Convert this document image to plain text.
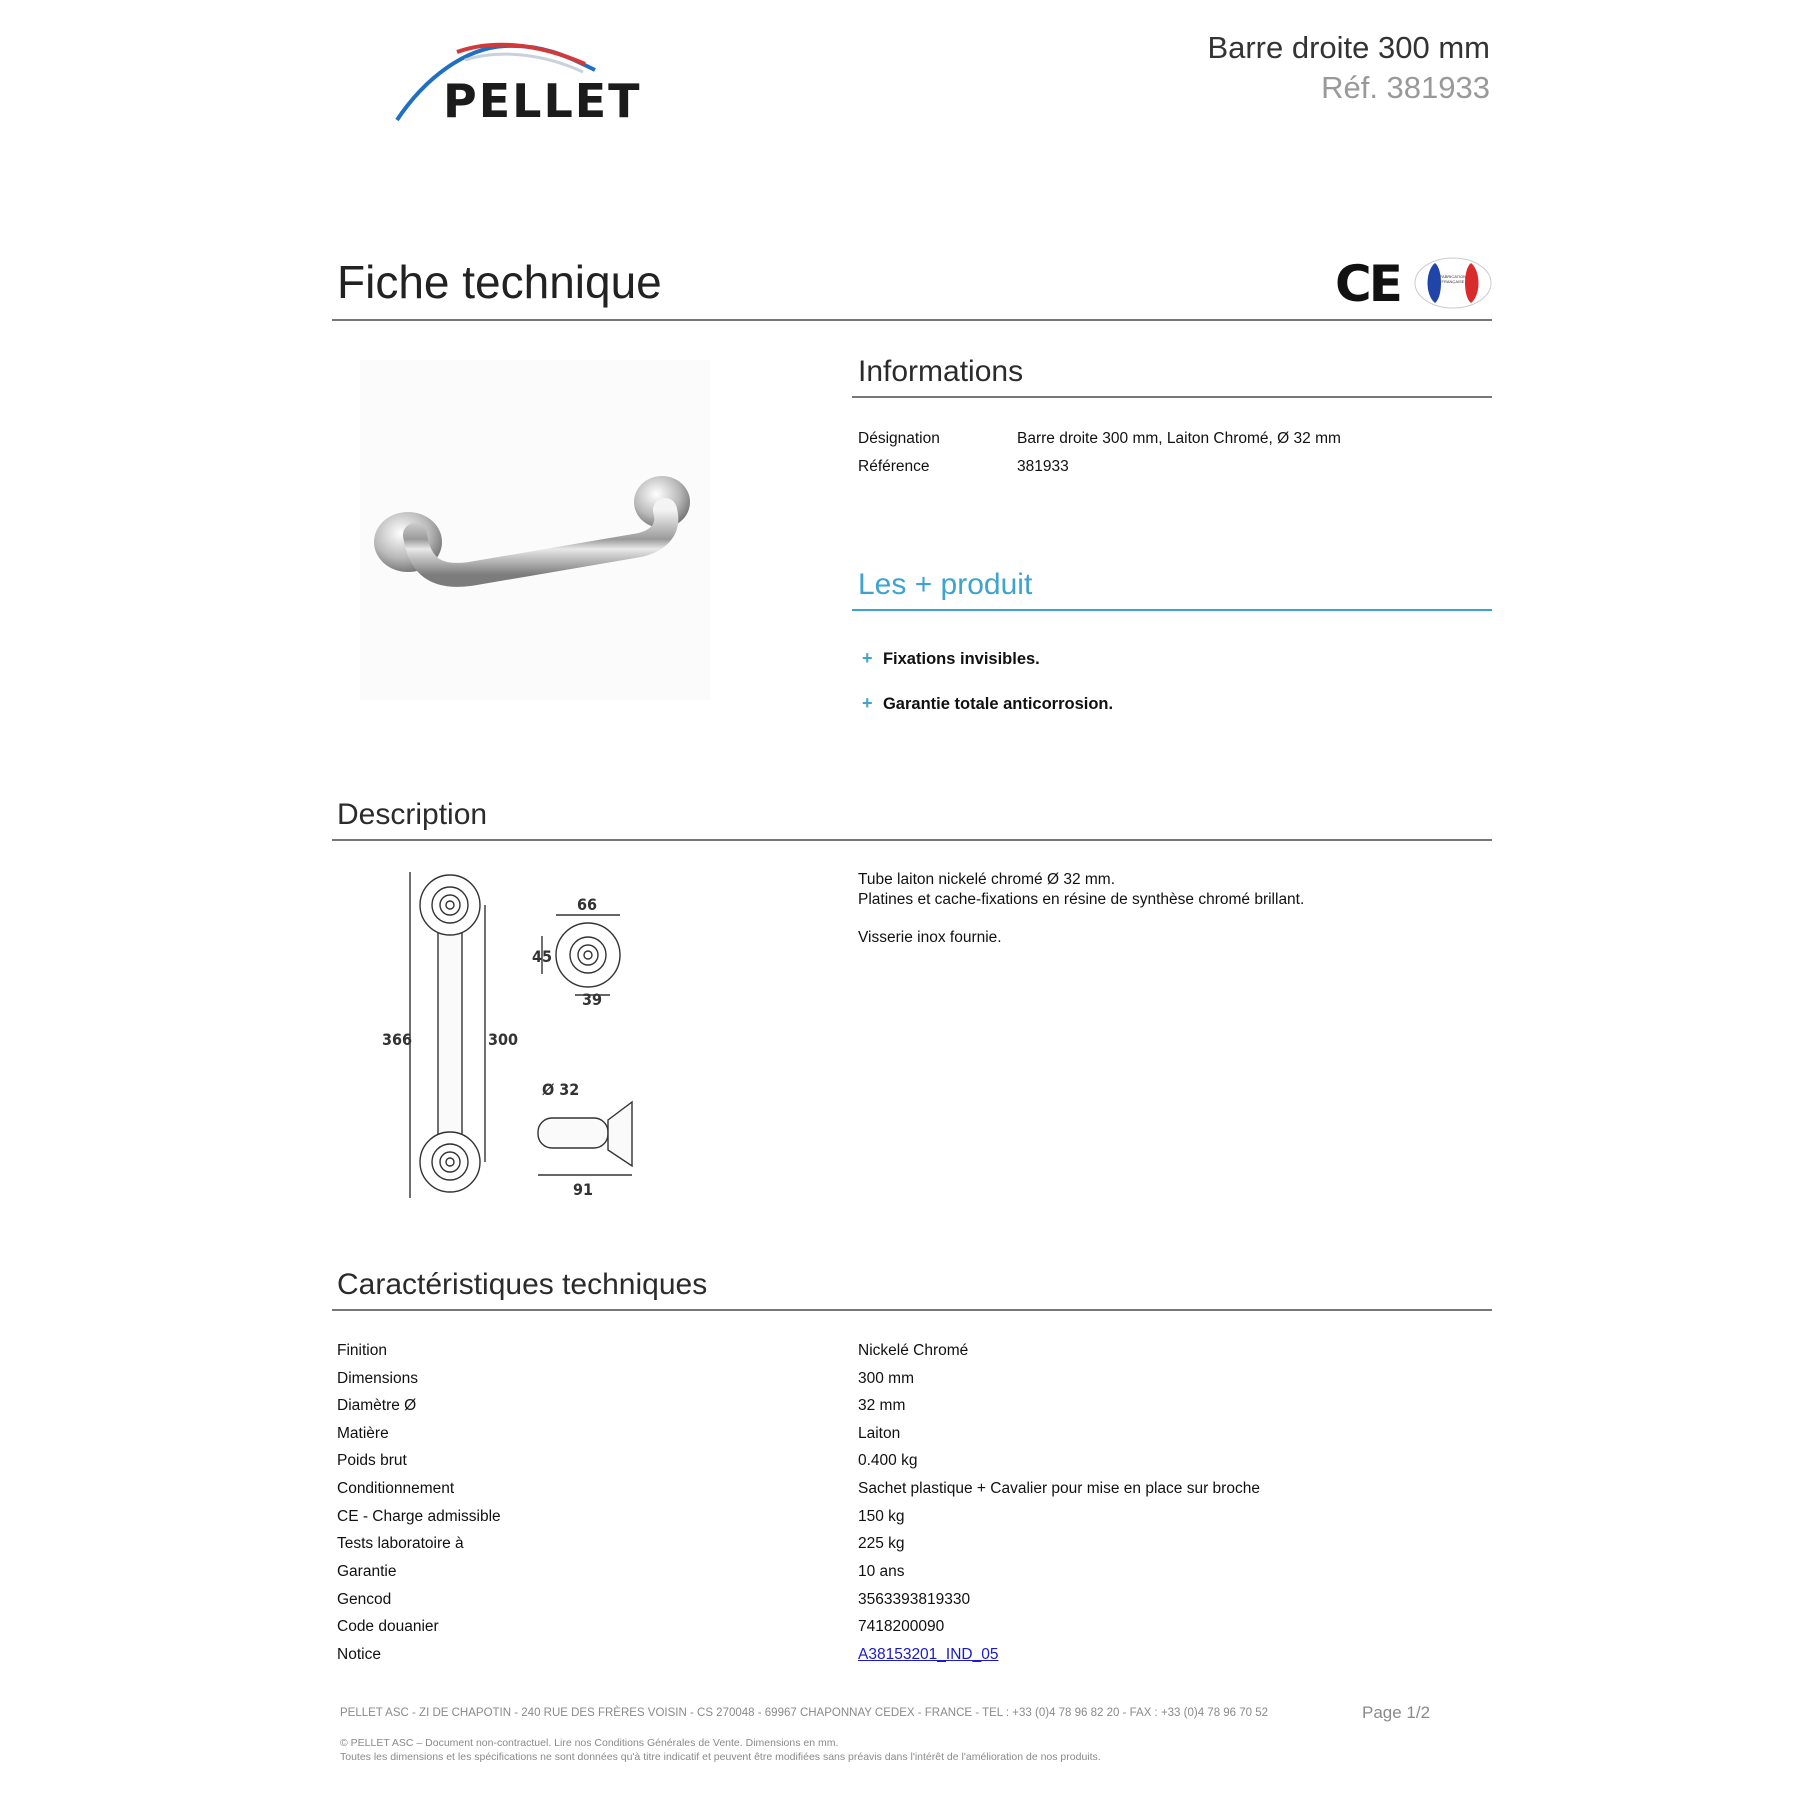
PELLET
Barre droite 300 mm
Réf. 381933
Fiche technique	CE	FABRICATION FRANÇAISE
Informations
Désignation	Barre droite 300 mm, Laiton Chromé, Ø 32 mm
Référence	381933
Les + produit
+ Fixations invisibles.
+ Garantie totale anticorrosion.
Description
366	300
66
45
39
Ø 32
91
Tube laiton nickelé chromé Ø 32 mm.
Platines et cache-fixations en résine de synthèse chromé brillant.
Visserie inox fournie.
Caractéristiques techniques
Finition	Nickelé Chromé
Dimensions	300 mm
Diamètre Ø	32 mm
Matière	Laiton
Poids brut	0.400 kg
Conditionnement	Sachet plastique + Cavalier pour mise en place sur broche
CE - Charge admissible	150 kg
Tests laboratoire à	225 kg
Garantie	10 ans
Gencod	3563393819330
Code douanier	7418200090
Notice	A38153201_IND_05
PELLET ASC - ZI DE CHAPOTIN - 240 RUE DES FRÈRES VOISIN - CS 270048 - 69967 CHAPONNAY CEDEX - FRANCE - TEL : +33 (0)4 78 96 82 20 - FAX : +33 (0)4 78 96 70 52	Page 1/2
© PELLET ASC – Document non-contractuel. Lire nos Conditions Générales de Vente. Dimensions en mm.
Toutes les dimensions et les spécifications ne sont données qu'à titre indicatif et peuvent être modifiées sans préavis dans l'intérêt de l'amélioration de nos produits.
